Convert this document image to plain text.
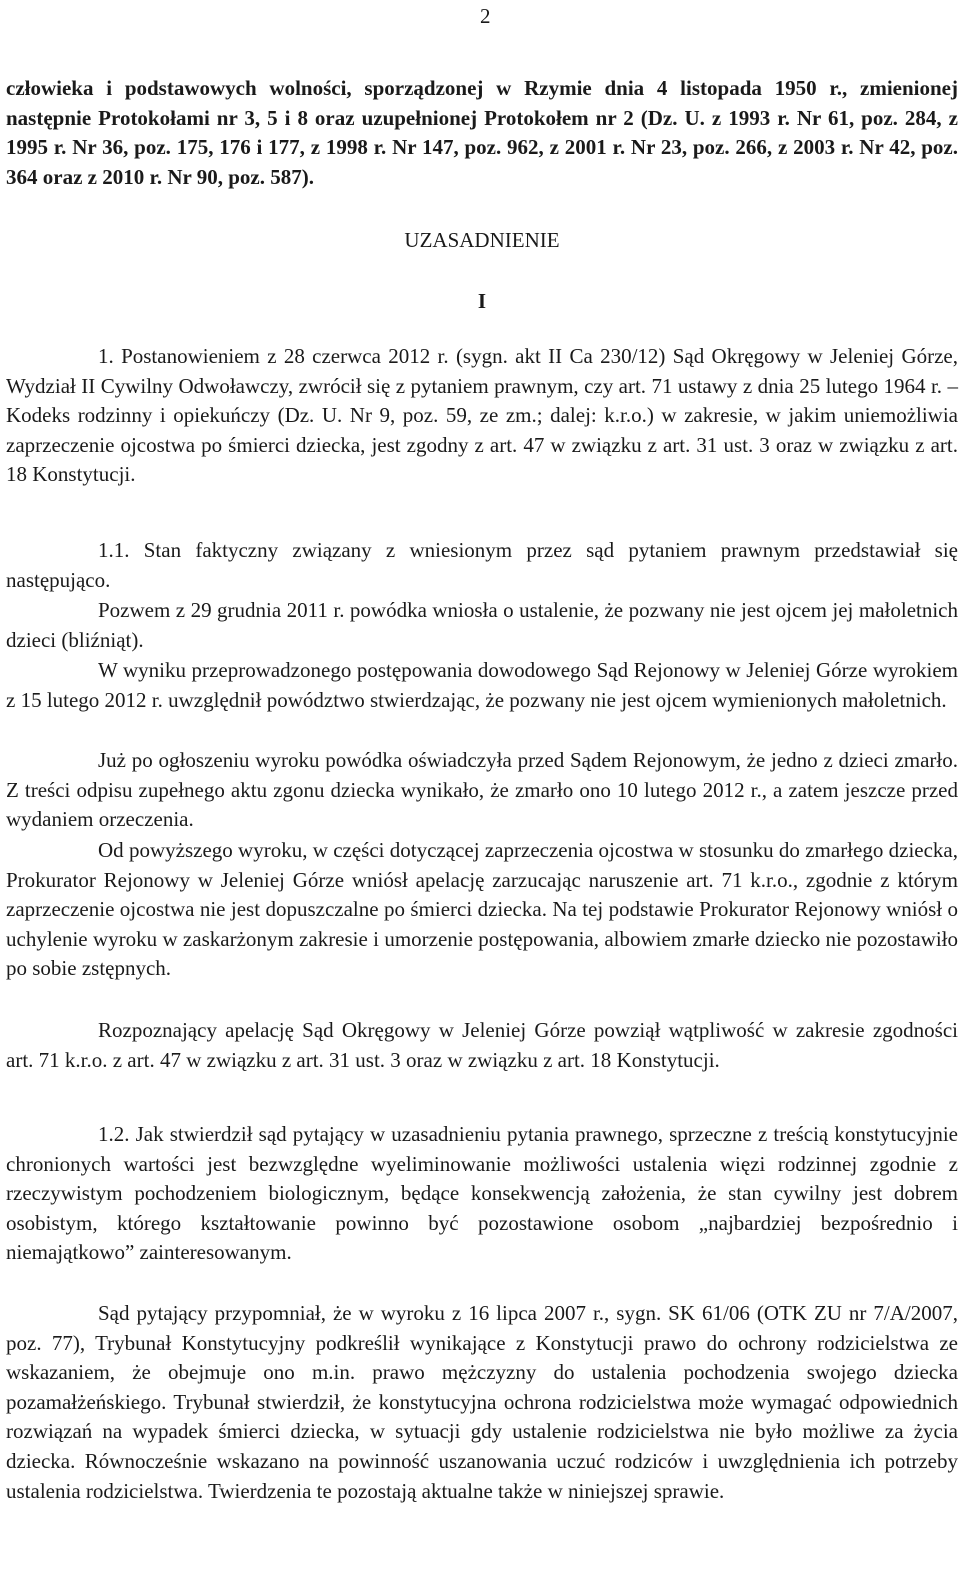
2

człowieka i podstawowych wolności, sporządzonej w Rzymie dnia 4 listopada 1950 r., zmienionej następnie Protokołami nr 3, 5 i 8 oraz uzupełnionej Protokołem nr 2 (Dz. U. z 1993 r. Nr 61, poz. 284, z 1995 r. Nr 36, poz. 175, 176 i 177, z 1998 r. Nr 147, poz. 962, z 2001 r. Nr 23, poz. 266, z 2003 r. Nr 42, poz. 364 oraz z 2010 r. Nr 90, poz. 587).

UZASADNIENIE

I

1. Postanowieniem z 28 czerwca 2012 r. (sygn. akt II Ca 230/12) Sąd Okręgowy w Jeleniej Górze, Wydział II Cywilny Odwoławczy, zwrócił się z pytaniem prawnym, czy art. 71 ustawy z dnia 25 lutego 1964 r. – Kodeks rodzinny i opiekuńczy (Dz. U. Nr 9, poz. 59, ze zm.; dalej: k.r.o.) w zakresie, w jakim uniemożliwia zaprzeczenie ojcostwa po śmierci dziecka, jest zgodny z art. 47 w związku z art. 31 ust. 3 oraz w związku z art. 18 Konstytucji.

1.1. Stan faktyczny związany z wniesionym przez sąd pytaniem prawnym przedstawiał się następująco.

Pozwem z 29 grudnia 2011 r. powódka wniosła o ustalenie, że pozwany nie jest ojcem jej małoletnich dzieci (bliźniąt).

W wyniku przeprowadzonego postępowania dowodowego Sąd Rejonowy w Jeleniej Górze wyrokiem z 15 lutego 2012 r. uwzględnił powództwo stwierdzając, że pozwany nie jest ojcem wymienionych małoletnich.

Już po ogłoszeniu wyroku powódka oświadczyła przed Sądem Rejonowym, że jedno z dzieci zmarło. Z treści odpisu zupełnego aktu zgonu dziecka wynikało, że zmarło ono 10 lutego 2012 r., a zatem jeszcze przed wydaniem orzeczenia.

Od powyższego wyroku, w części dotyczącej zaprzeczenia ojcostwa w stosunku do zmarłego dziecka, Prokurator Rejonowy w Jeleniej Górze wniósł apelację zarzucając naruszenie art. 71 k.r.o., zgodnie z którym zaprzeczenie ojcostwa nie jest dopuszczalne po śmierci dziecka. Na tej podstawie Prokurator Rejonowy wniósł o uchylenie wyroku w zaskarżonym zakresie i umorzenie postępowania, albowiem zmarłe dziecko nie pozostawiło po sobie zstępnych.

Rozpoznający apelację Sąd Okręgowy w Jeleniej Górze powziął wątpliwość w zakresie zgodności art. 71 k.r.o. z art. 47 w związku z art. 31 ust. 3 oraz w związku z art. 18 Konstytucji.

1.2. Jak stwierdził sąd pytający w uzasadnieniu pytania prawnego, sprzeczne z treścią konstytucyjnie chronionych wartości jest bezwzględne wyeliminowanie możliwości ustalenia więzi rodzinnej zgodnie z rzeczywistym pochodzeniem biologicznym, będące konsekwencją założenia, że stan cywilny jest dobrem osobistym, którego kształtowanie powinno być pozostawione osobom „najbardziej bezpośrednio i niemajątkowo” zainteresowanym.

Sąd pytający przypomniał, że w wyroku z 16 lipca 2007 r., sygn. SK 61/06 (OTK ZU nr 7/A/2007, poz. 77), Trybunał Konstytucyjny podkreślił wynikające z Konstytucji prawo do ochrony rodzicielstwa ze wskazaniem, że obejmuje ono m.in. prawo mężczyzny do ustalenia pochodzenia swojego dziecka pozamałżeńskiego. Trybunał stwierdził, że konstytucyjna ochrona rodzicielstwa może wymagać odpowiednich rozwiązań na wypadek śmierci dziecka, w sytuacji gdy ustalenie rodzicielstwa nie było możliwe za życia dziecka. Równocześnie wskazano na powinność uszanowania uczuć rodziców i uwzględnienia ich potrzeby ustalenia rodzicielstwa. Twierdzenia te pozostają aktualne także w niniejszej sprawie.
